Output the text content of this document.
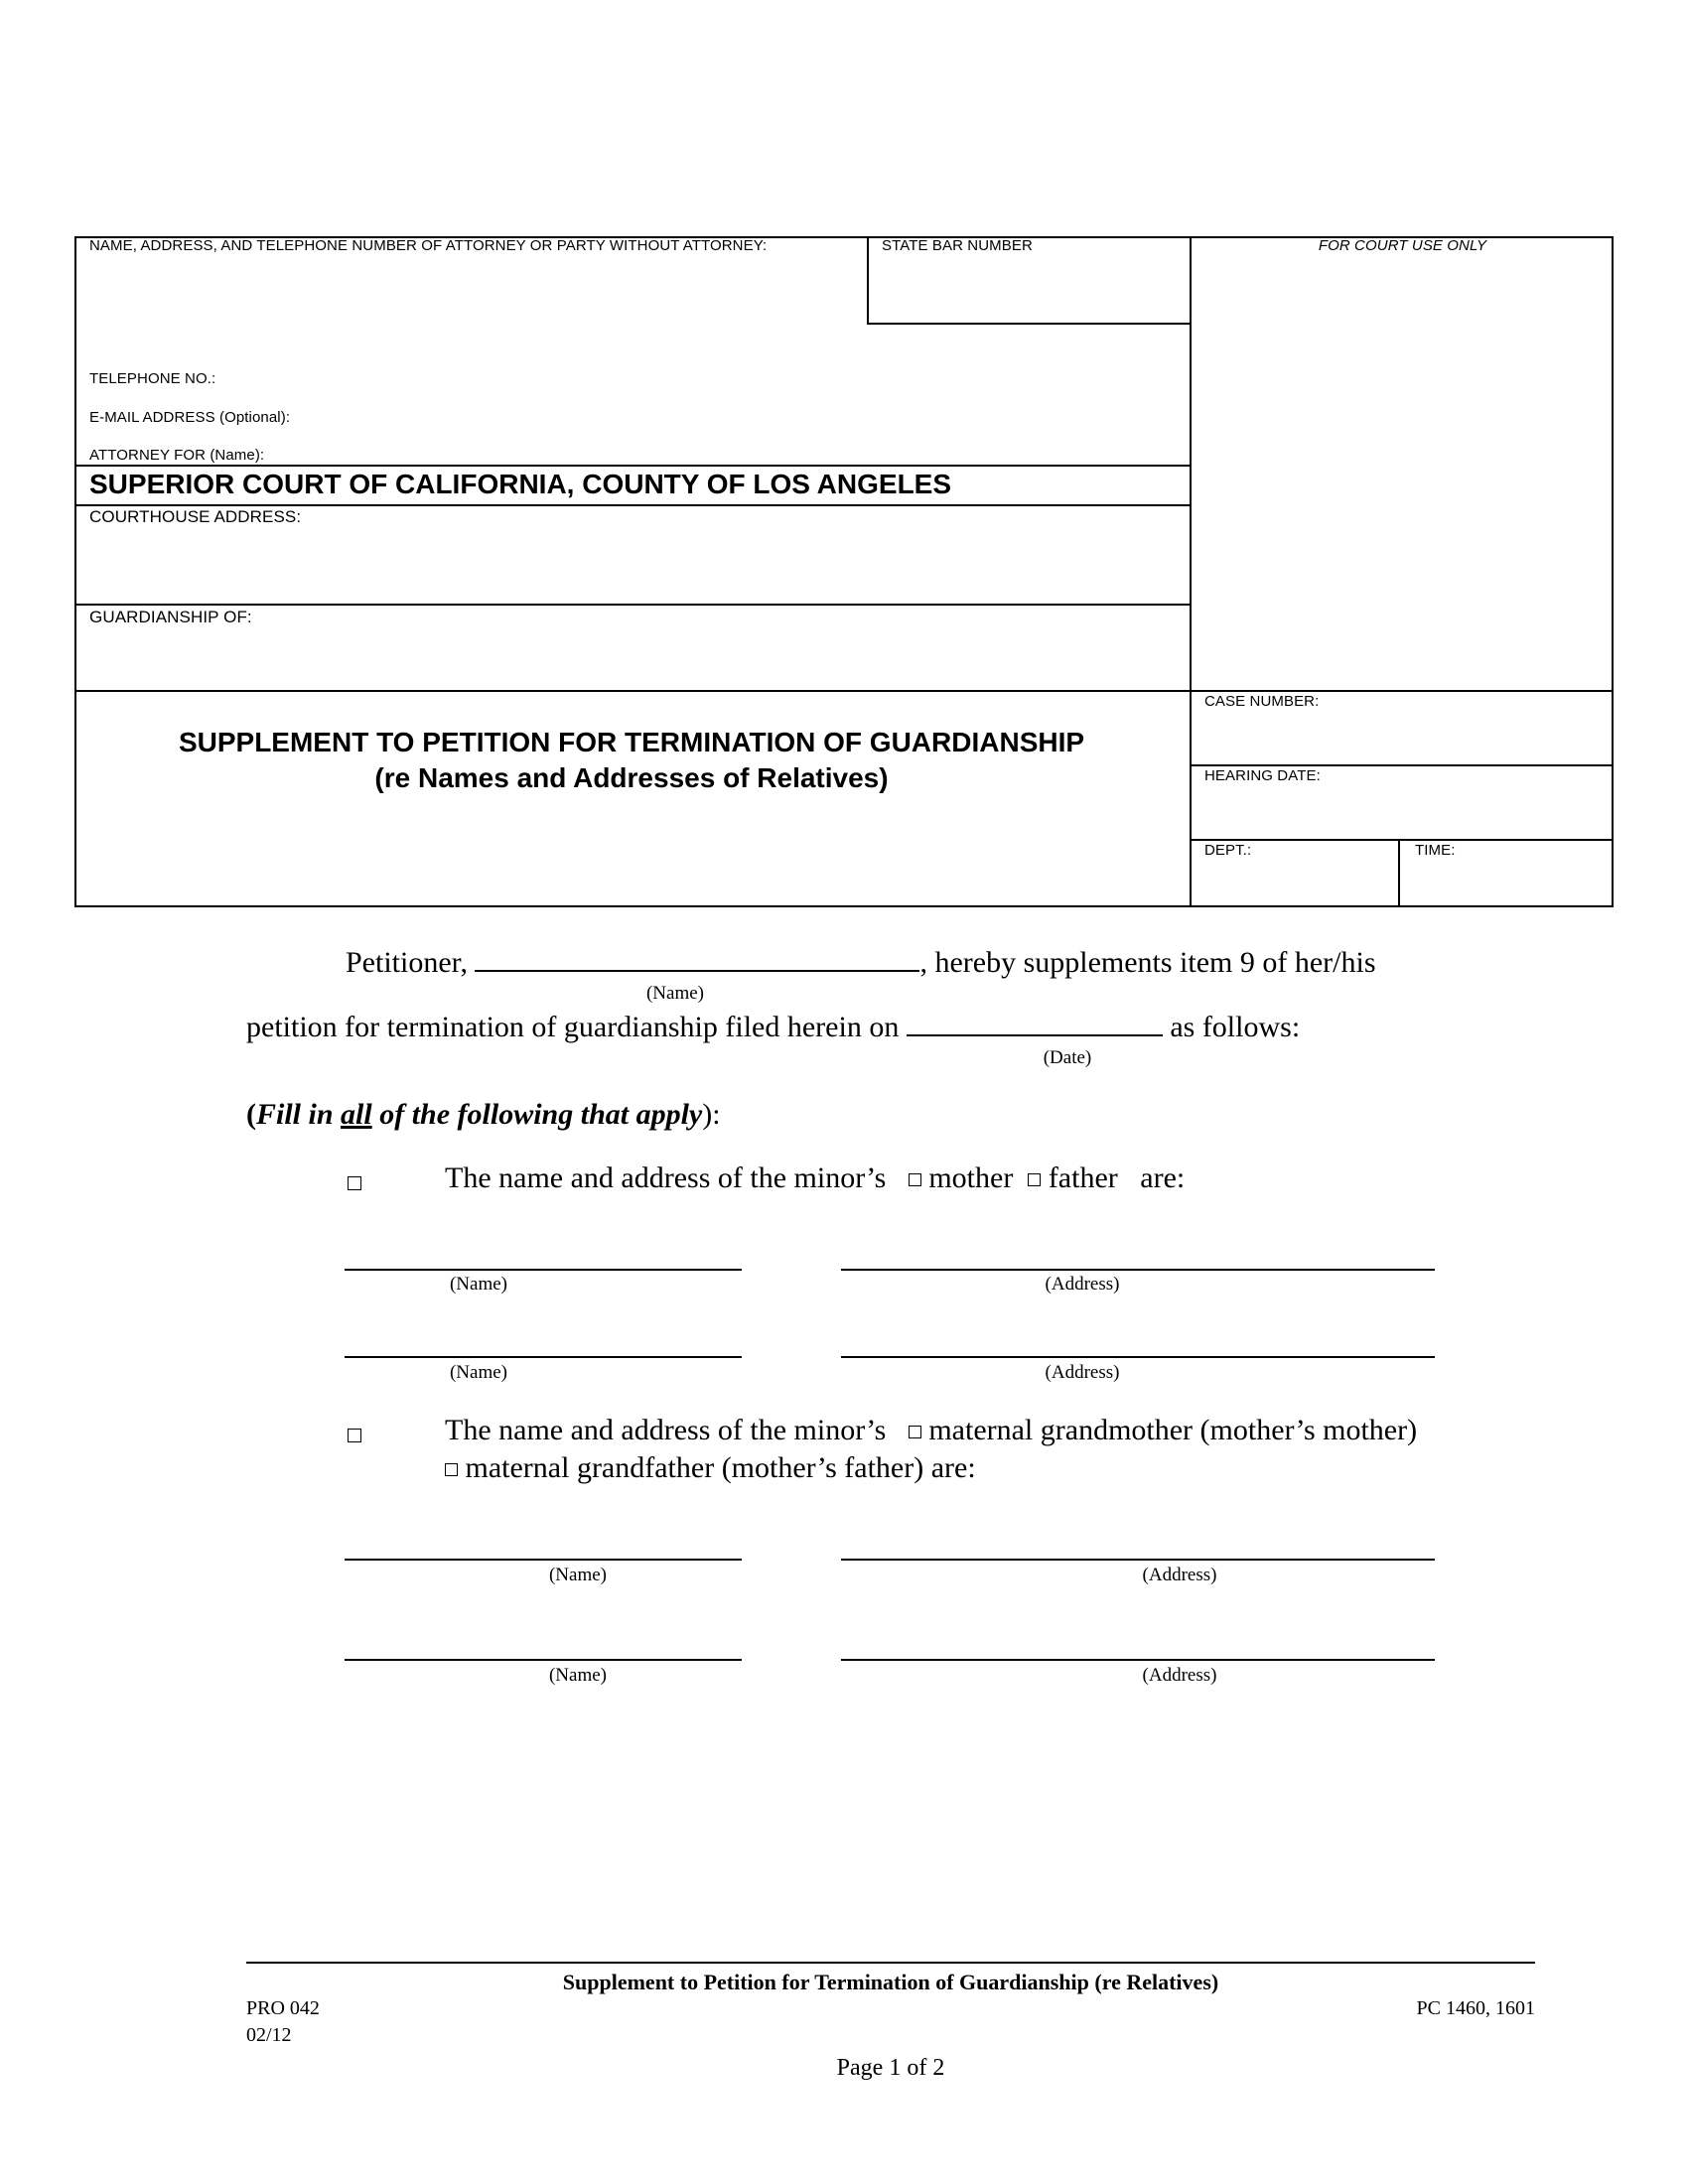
NAME, ADDRESS, AND TELEPHONE NUMBER OF ATTORNEY OR PARTY WITHOUT ATTORNEY:	STATE BAR NUMBER	FOR COURT USE ONLY
TELEPHONE NO.:
E-MAIL ADDRESS (Optional):
ATTORNEY FOR (Name):
SUPERIOR COURT OF CALIFORNIA, COUNTY OF LOS ANGELES
COURTHOUSE ADDRESS:
GUARDIANSHIP OF:
SUPPLEMENT TO PETITION FOR TERMINATION OF GUARDIANSHIP
(re Names and Addresses of Relatives)
CASE NUMBER:
HEARING DATE:
DEPT.:	TIME:
Petitioner,	, hereby supplements item 9 of her/his
(Name)
petition for termination of guardianship filed herein on	as follows:
(Date)
(Fill in all of the following that apply):
The name and address of the minor’s mother father are:
(Name)	(Address)
(Name)	(Address)
The name and address of the minor’s maternal grandmother (mother’s mother)
maternal grandfather (mother’s father) are:
(Name)	(Address)
(Name)	(Address)
Supplement to Petition for Termination of Guardianship (re Relatives)
PRO 042
02/12
PC 1460, 1601
Page 1 of 2
